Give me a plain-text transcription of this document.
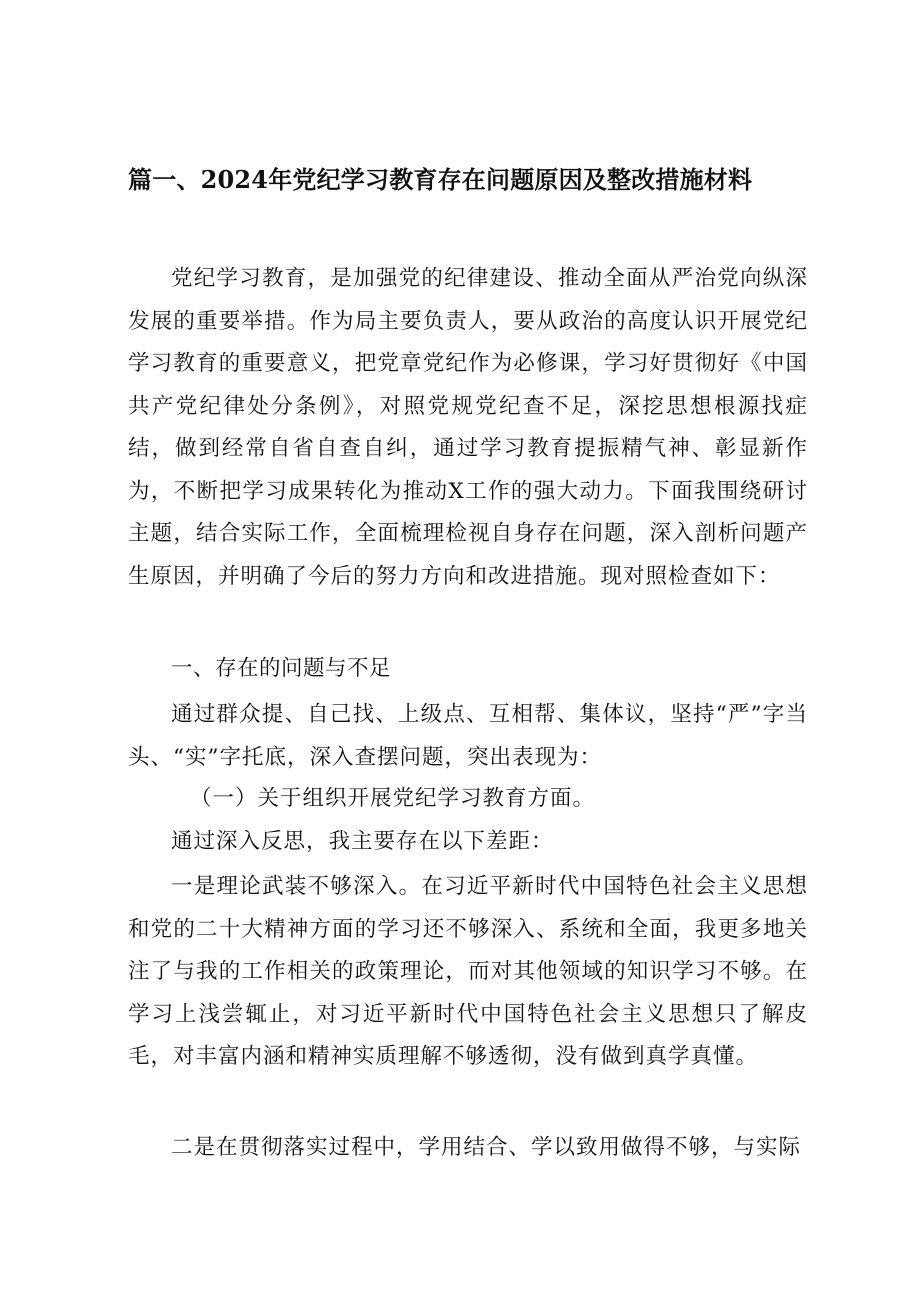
篇一、2024年党纪学习教育存在问题原因及整改措施材料
党纪学习教育，是加强党的纪律建设、推动全面从严治党向纵深发展的重要举措。作为局主要负责人，要从政治的高度认识开展党纪学习教育的重要意义，把党章党纪作为必修课，学习好贯彻好《中国共产党纪律处分条例》，对照党规党纪查不足，深挖思想根源找症结，做到经常自省自查自纠，通过学习教育提振精气神、彰显新作为，不断把学习成果转化为推动X工作的强大动力。下面我围绕研讨主题，结合实际工作，全面梳理检视自身存在问题，深入剖析问题产生原因，并明确了今后的努力方向和改进措施。现对照检查如下：
一、存在的问题与不足
通过群众提、自己找、上级点、互相帮、集体议，坚持“严”字当头、“实”字托底，深入查摆问题，突出表现为：
（一）关于组织开展党纪学习教育方面。
通过深入反思，我主要存在以下差距：
一是理论武装不够深入。在习近平新时代中国特色社会主义思想和党的二十大精神方面的学习还不够深入、系统和全面，我更多地关注了与我的工作相关的政策理论，而对其他领域的知识学习不够。在学习上浅尝辄止，对习近平新时代中国特色社会主义思想只了解皮毛，对丰富内涵和精神实质理解不够透彻，没有做到真学真懂。
二是在贯彻落实过程中，学用结合、学以致用做得不够，与实际
